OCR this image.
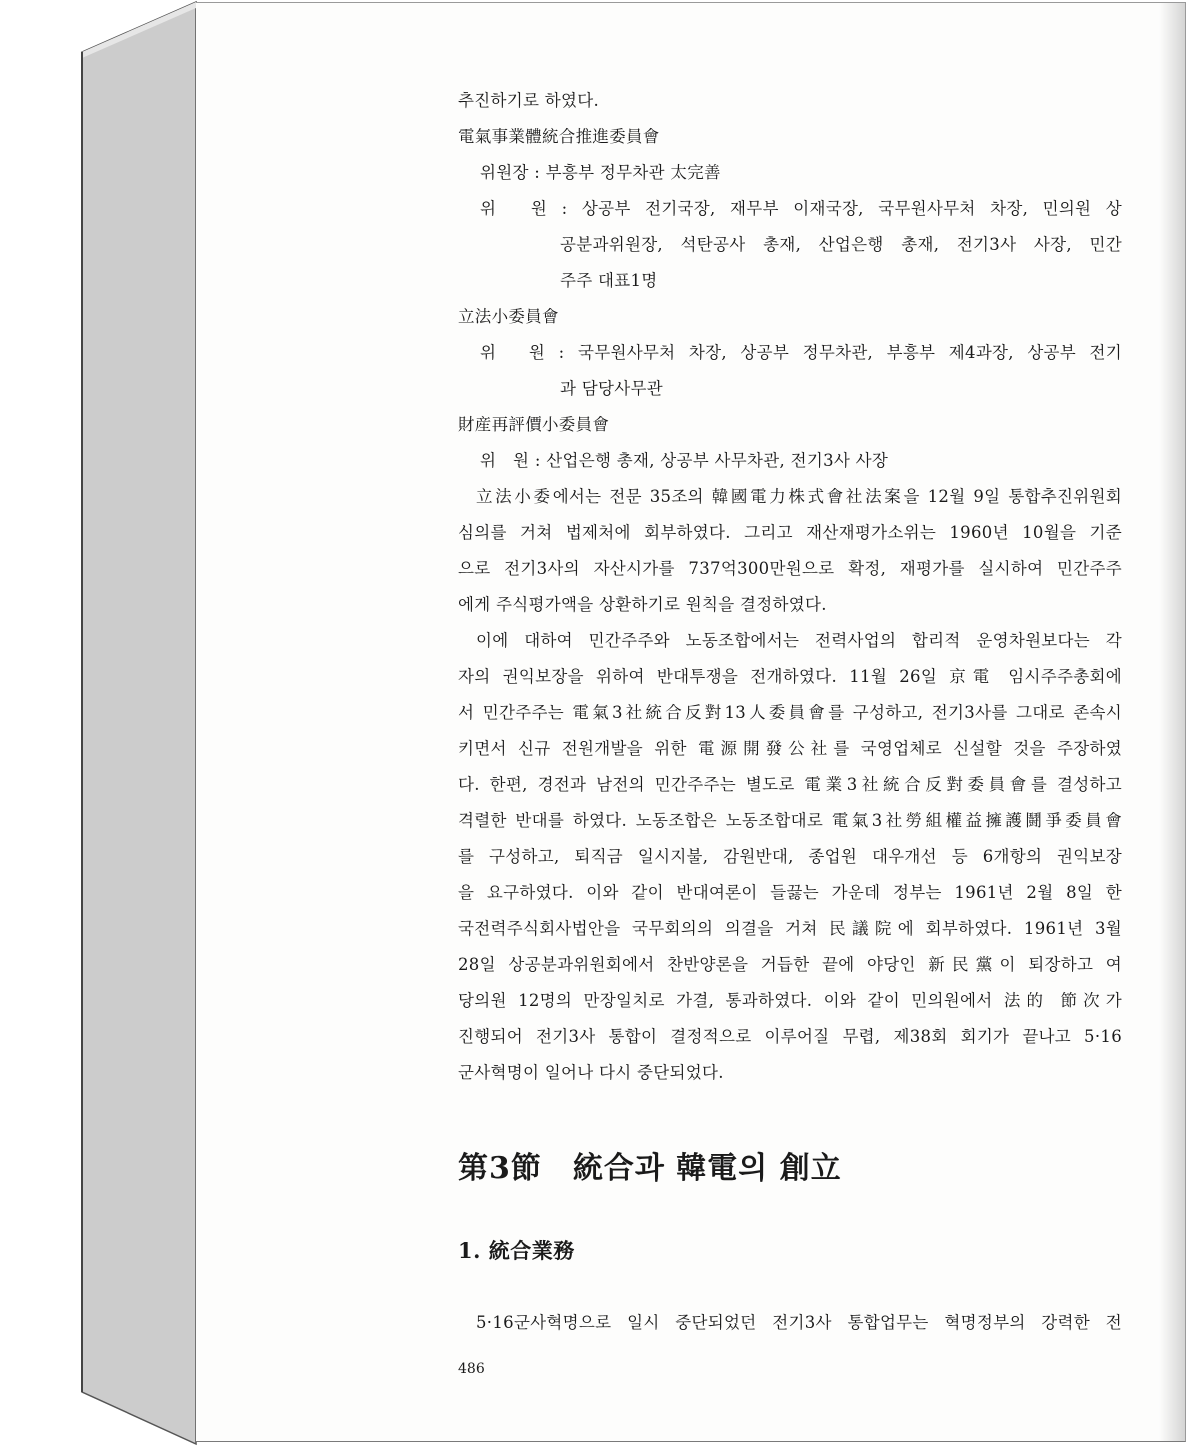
추진하기로 하였다.

電氣事業體統合推進委員會

위원장 : 부흥부 정무차관 太完善

위　원 : 상공부 전기국장, 재무부 이재국장, 국무원사무처 차장, 민의원 상

공분과위원장, 석탄공사 총재, 산업은행 총재, 전기3사 사장, 민간

주주 대표1명

立法小委員會

위　원 : 국무원사무처 차장, 상공부 정무차관, 부흥부 제4과장, 상공부 전기

과 담당사무관

財産再評價小委員會

위　원 : 산업은행 총재, 상공부 사무차관, 전기3사 사장

立法小委에서는 전문 35조의 韓國電力株式會社法案을 12월 9일 통합추진위원회

심의를 거쳐 법제처에 회부하였다. 그리고 재산재평가소위는 1960년 10월을 기준

으로 전기3사의 자산시가를 737억300만원으로 확정, 재평가를 실시하여 민간주주

에게 주식평가액을 상환하기로 원칙을 결정하였다.

이에 대하여 민간주주와 노동조합에서는 전력사업의 합리적 운영차원보다는 각

자의 권익보장을 위하여 반대투쟁을 전개하였다. 11월 26일 京電 임시주주총회에

서 민간주주는 電氣3社統合反對13人委員會를 구성하고, 전기3사를 그대로 존속시

키면서 신규 전원개발을 위한 電源開發公社를 국영업체로 신설할 것을 주장하였

다. 한편, 경전과 남전의 민간주주는 별도로 電業3社統合反對委員會를 결성하고

격렬한 반대를 하였다. 노동조합은 노동조합대로 電氣3社勞組權益擁護鬪爭委員會

를 구성하고, 퇴직금 일시지불, 감원반대, 종업원 대우개선 등 6개항의 권익보장

을 요구하였다. 이와 같이 반대여론이 들끓는 가운데 정부는 1961년 2월 8일 한

국전력주식회사법안을 국무회의의 의결을 거쳐 民議院에 회부하였다. 1961년 3월

28일 상공분과위원회에서 찬반양론을 거듭한 끝에 야당인 新民黨이 퇴장하고 여

당의원 12명의 만장일치로 가결, 통과하였다. 이와 같이 민의원에서 法的 節次가

진행되어 전기3사 통합이 결정적으로 이루어질 무렵, 제38회 회기가 끝나고 5·16

군사혁명이 일어나 다시 중단되었다.

第3節　統合과 韓電의 創立
1. 統合業務

5·16군사혁명으로 일시 중단되었던 전기3사 통합업무는 혁명정부의 강력한 전

486
